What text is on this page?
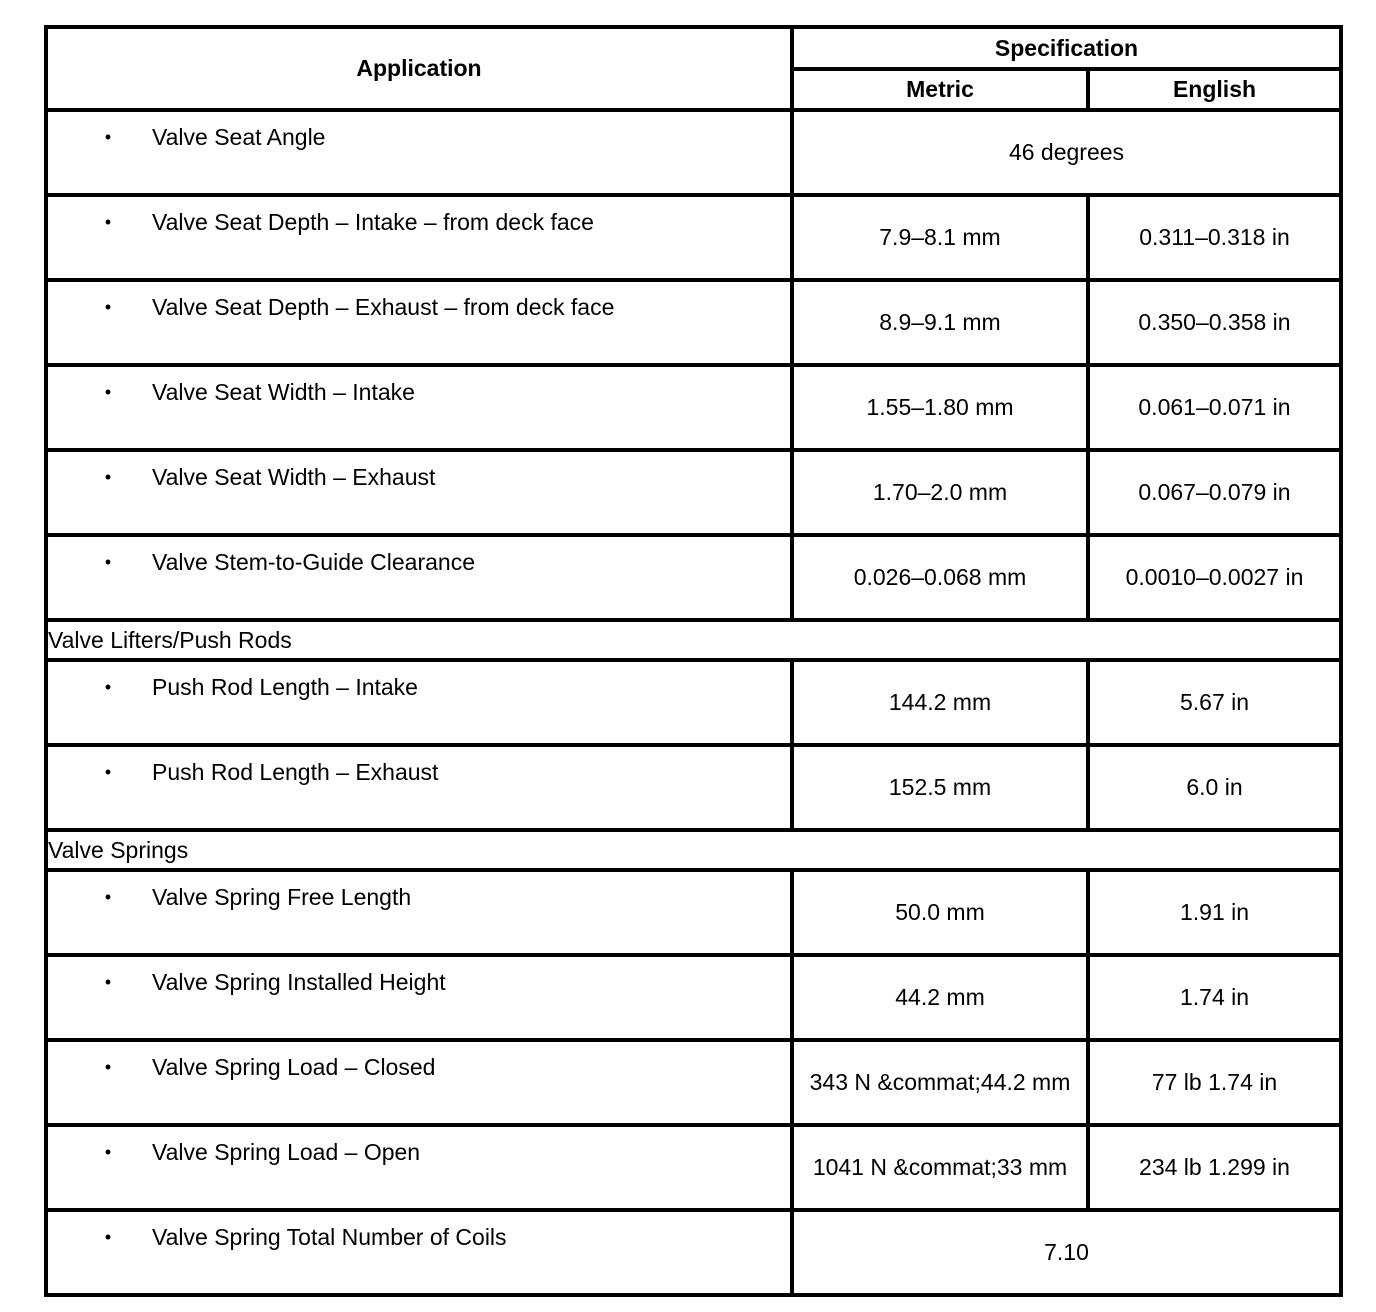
Application	Specification	
	Metric	English
• Valve Seat Angle	46 degrees	
• Valve Seat Depth – Intake – from deck face	7.9–8.1 mm	0.311–0.318 in
• Valve Seat Depth – Exhaust – from deck face	8.9–9.1 mm	0.350–0.358 in
• Valve Seat Width – Intake	1.55–1.80 mm	0.061–0.071 in
• Valve Seat Width – Exhaust	1.70–2.0 mm	0.067–0.079 in
• Valve Stem-to-Guide Clearance	0.026–0.068 mm	0.0010–0.0027 in
Valve Lifters/Push Rods		
• Push Rod Length – Intake	144.2 mm	5.67 in
• Push Rod Length – Exhaust	152.5 mm	6.0 in
Valve Springs		
• Valve Spring Free Length	50.0 mm	1.91 in
• Valve Spring Installed Height	44.2 mm	1.74 in
• Valve Spring Load – Closed	343 N &commat;44.2 mm	77 lb 1.74 in
• Valve Spring Load – Open	1041 N &commat;33 mm	234 lb 1.299 in
• Valve Spring Total Number of Coils	7.10	
